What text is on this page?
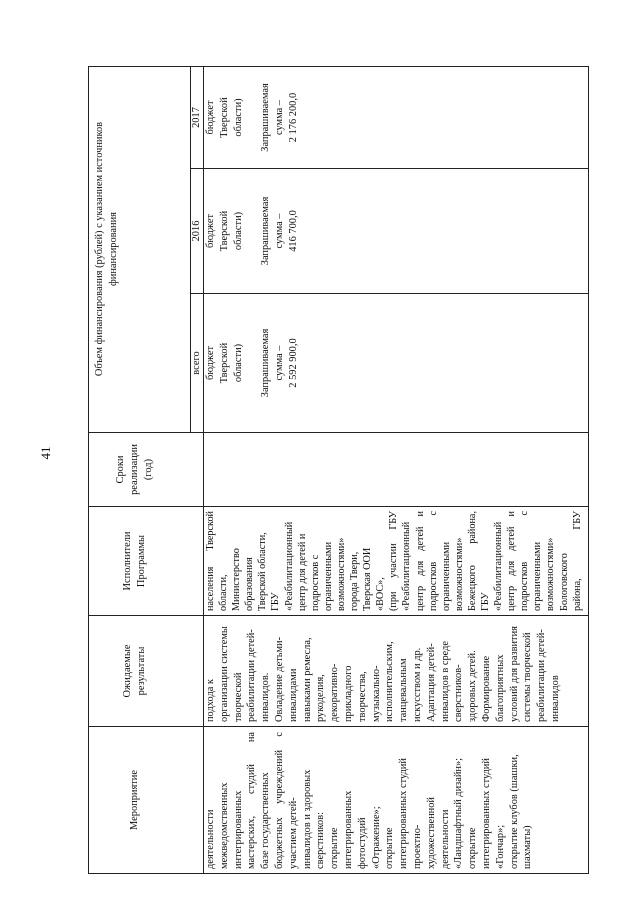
41
Мероприятие
Ожидаемые результаты
Исполнители Программы
Сроки реализации (год)
Объем финансирования (рублей) с указанием источников финансирования
всего
2016
2017
деятельности межведомственных интегрированных мастерских, студий на базе государственных бюджетных учреждений с участием детей- инвалидов и здоровых сверстников: открытие интегрированных фотостудий «Отражение»; открытие интегрированных студий проектно- художественной деятельности «Ландшафтный дизайн»; открытие интегрированных студий «Гончар»; открытие клубов (шашки, шахматы)
подхода к организации системы творческой реабилитации детей- инвалидов. Овладение детьми- инвалидами навыками ремесла, рукоделия, декоративно- прикладного творчества, музыкально- исполнительским, танцевальным искусством и др. Адаптация детей- инвалидов в среде сверстников- здоровых детей. Формирование благоприятных условий для развития системы творческой реабилитации детей- инвалидов
населения Тверской области, Министерство образования Тверской области, ГБУ «Реабилитационный центр для детей и подростков с ограниченными возможностями» города Твери, Тверская ООИ «ВОС», (при участии ГБУ «Реабилитационный центр для детей и подростков с ограниченными возможностями» Бежецкого района, ГБУ «Реабилитационный центр для детей и подростков с ограниченными возможностями» Бологовского района, ГБУ
бюджет Тверской области) Запрашиваемая сумма – 2 592 900,0
бюджет Тверской области) Запрашиваемая сумма – 416 700,0
бюджет Тверской области) Запрашиваемая сумма – 2 176 200,0
